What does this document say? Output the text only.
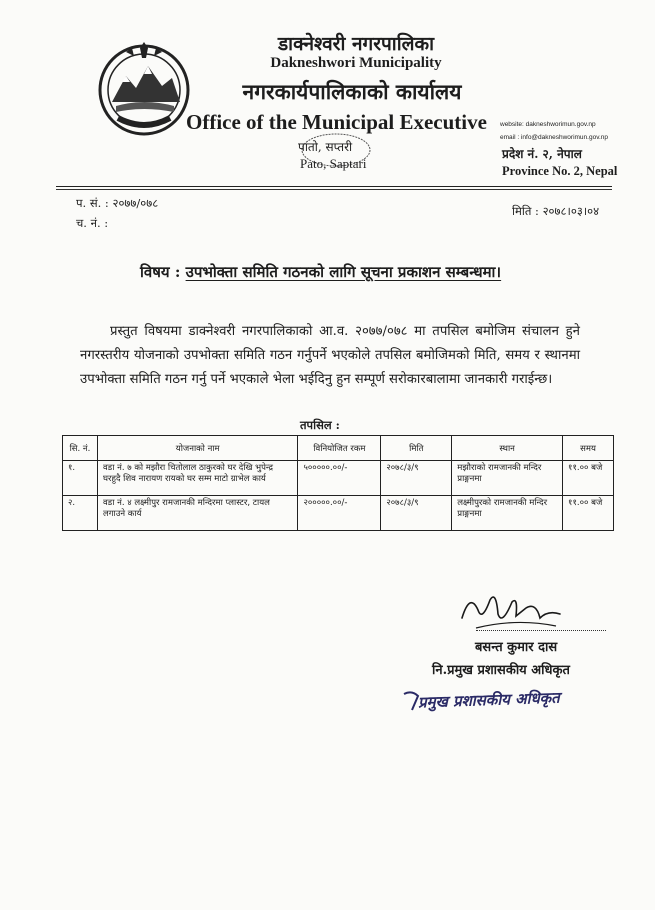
डाक्नेश्वरी नगरपालिका
Dakneshwori Municipality
नगरकार्यपालिकाको कार्यालय
Office of the Municipal Executive
पातो, सप्तरी
Pato, Saptari
website: dakneshworimun.gov.np
email : info@dakneshworimun.gov.np
प्रदेश नं. २, नेपाल
Province No. 2, Nepal
प. सं. : २०७७/०७८
च. नं. :
मिति : २०७८।०३।०४
विषय : उपभोक्ता समिति गठनको लागि सूचना प्रकाशन सम्बन्धमा।
प्रस्तुत विषयमा डाक्नेश्वरी नगरपालिकाको आ.व. २०७७/०७८ मा तपसिल बमोजिम संचालन हुने नगरस्तरीय योजनाको उपभोक्ता समिति गठन गर्नुपर्ने भएकोले तपसिल बमोजिमको मिति, समय र स्थानमा उपभोक्ता समिति गठन गर्नु पर्ने भएकाले भेला भईदिनु हुन सम्पूर्ण सरोकारबालामा जानकारी गराईन्छ।
तपसिल :
सि. नं.	योजनाको नाम	विनियोजित रकम	मिति	स्थान	समय
१.	वडा नं. ७ को मझौरा चितोलाल ठाकुरको घर देखि भुपेन्द्र घरहुदै शिव नारायण रायको घर सम्म माटो ग्राभेल कार्य	५०००००.००/-	२०७८/३/९	मझौराको रामजानकी मन्दिर प्राङ्गनमा	११.०० बजे
२.	वडा नं. ४ लक्ष्मीपुर रामजानकी मन्दिरमा प्लास्टर, टायल लगाउने कार्य	२०००००.००/-	२०७८/३/९	लक्ष्मीपुरको रामजानकी मन्दिर प्राङ्गनमा	११.०० बजे
बसन्त कुमार दास
नि.प्रमुख प्रशासकीय अधिकृत
प्रमुख प्रशासकीय अधिकृत
